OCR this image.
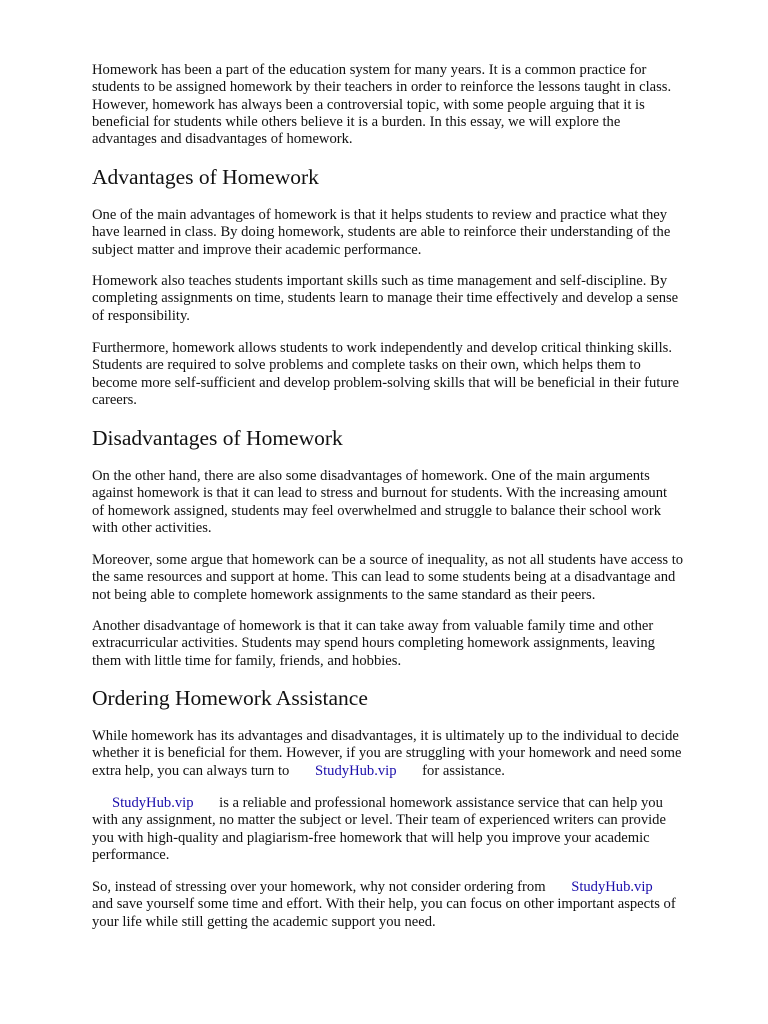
Homework has been a part of the education system for many years. It is a common practice for
students to be assigned homework by their teachers in order to reinforce the lessons taught in class.
However, homework has always been a controversial topic, with some people arguing that it is
beneficial for students while others believe it is a burden. In this essay, we will explore the
advantages and disadvantages of homework.

Advantages of Homework

One of the main advantages of homework is that it helps students to review and practice what they
have learned in class. By doing homework, students are able to reinforce their understanding of the
subject matter and improve their academic performance.

Homework also teaches students important skills such as time management and self-discipline. By
completing assignments on time, students learn to manage their time effectively and develop a sense
of responsibility.

Furthermore, homework allows students to work independently and develop critical thinking skills.
Students are required to solve problems and complete tasks on their own, which helps them to
become more self-sufficient and develop problem-solving skills that will be beneficial in their future
careers.

Disadvantages of Homework

On the other hand, there are also some disadvantages of homework. One of the main arguments
against homework is that it can lead to stress and burnout for students. With the increasing amount
of homework assigned, students may feel overwhelmed and struggle to balance their school work
with other activities.

Moreover, some argue that homework can be a source of inequality, as not all students have access to
the same resources and support at home. This can lead to some students being at a disadvantage and
not being able to complete homework assignments to the same standard as their peers.

Another disadvantage of homework is that it can take away from valuable family time and other
extracurricular activities. Students may spend hours completing homework assignments, leaving
them with little time for family, friends, and hobbies.

Ordering Homework Assistance

While homework has its advantages and disadvantages, it is ultimately up to the individual to decide
whether it is beneficial for them. However, if you are struggling with your homework and need some
extra help, you can always turn to StudyHub.vip for assistance.

StudyHub.vip is a reliable and professional homework assistance service that can help you
with any assignment, no matter the subject or level. Their team of experienced writers can provide
you with high-quality and plagiarism-free homework that will help you improve your academic
performance.

So, instead of stressing over your homework, why not consider ordering from StudyHub.vip
and save yourself some time and effort. With their help, you can focus on other important aspects of
your life while still getting the academic support you need.
